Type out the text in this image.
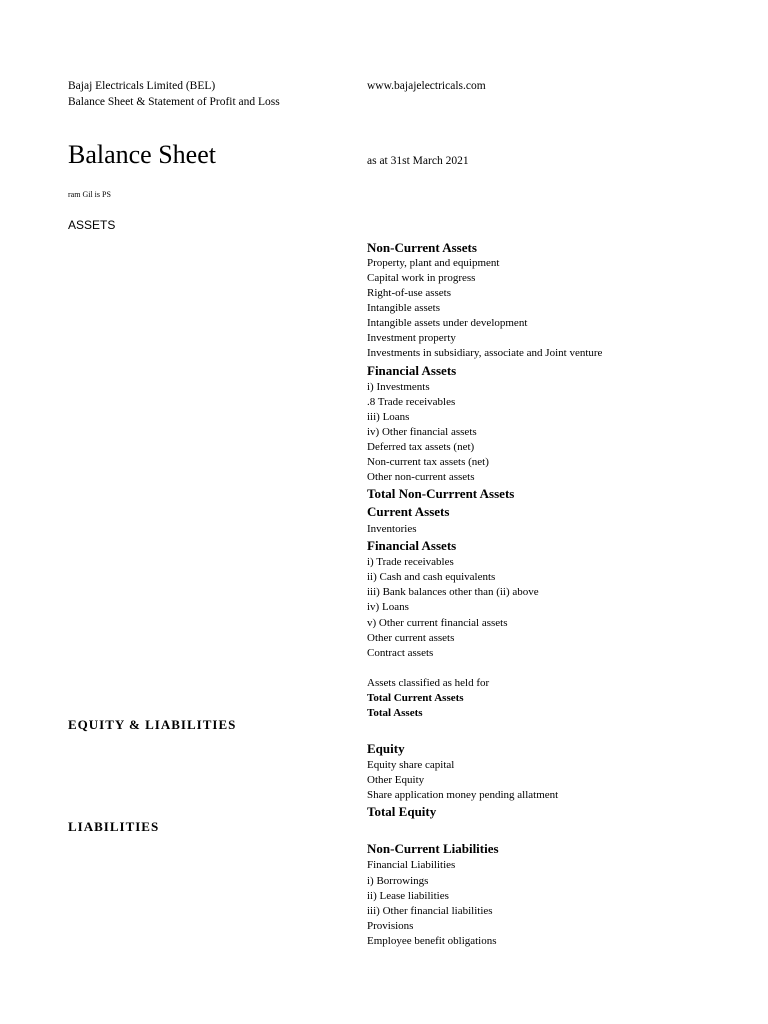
Bajaj Electricals Limited (BEL)
Balance Sheet & Statement of Profit and Loss
www.bajajelectricals.com
Balance Sheet	as at 31st March 2021
ram Gil is PS
ASSETS
EQUITY & LIABILITIES
LIABILITIES
Non-Current Assets
Property, plant and equipment
Capital work in progress
Right-of-use assets
Intangible assets
Intangible assets under development
Investment property
Investments in subsidiary, associate and Joint venture
Financial Assets
i) Investments
.8 Trade receivables
iii) Loans
iv) Other financial assets
Deferred tax assets (net)
Non-current tax assets (net)
Other non-current assets
Total Non-Currrent Assets
Current Assets
Inventories
Financial Assets
i) Trade receivables
ii) Cash and cash equivalents
iii) Bank balances other than (ii) above
iv) Loans
v) Other current financial assets
Other current assets
Contract assets
Assets classified as held for
Total Current Assets
Total Assets
Equity
Equity share capital
Other Equity
Share application money pending allatment
Total Equity
Non-Current Liabilities
Financial Liabilities
i) Borrowings
ii) Lease liabilities
iii) Other financial liabilities
Provisions
Employee benefit obligations
